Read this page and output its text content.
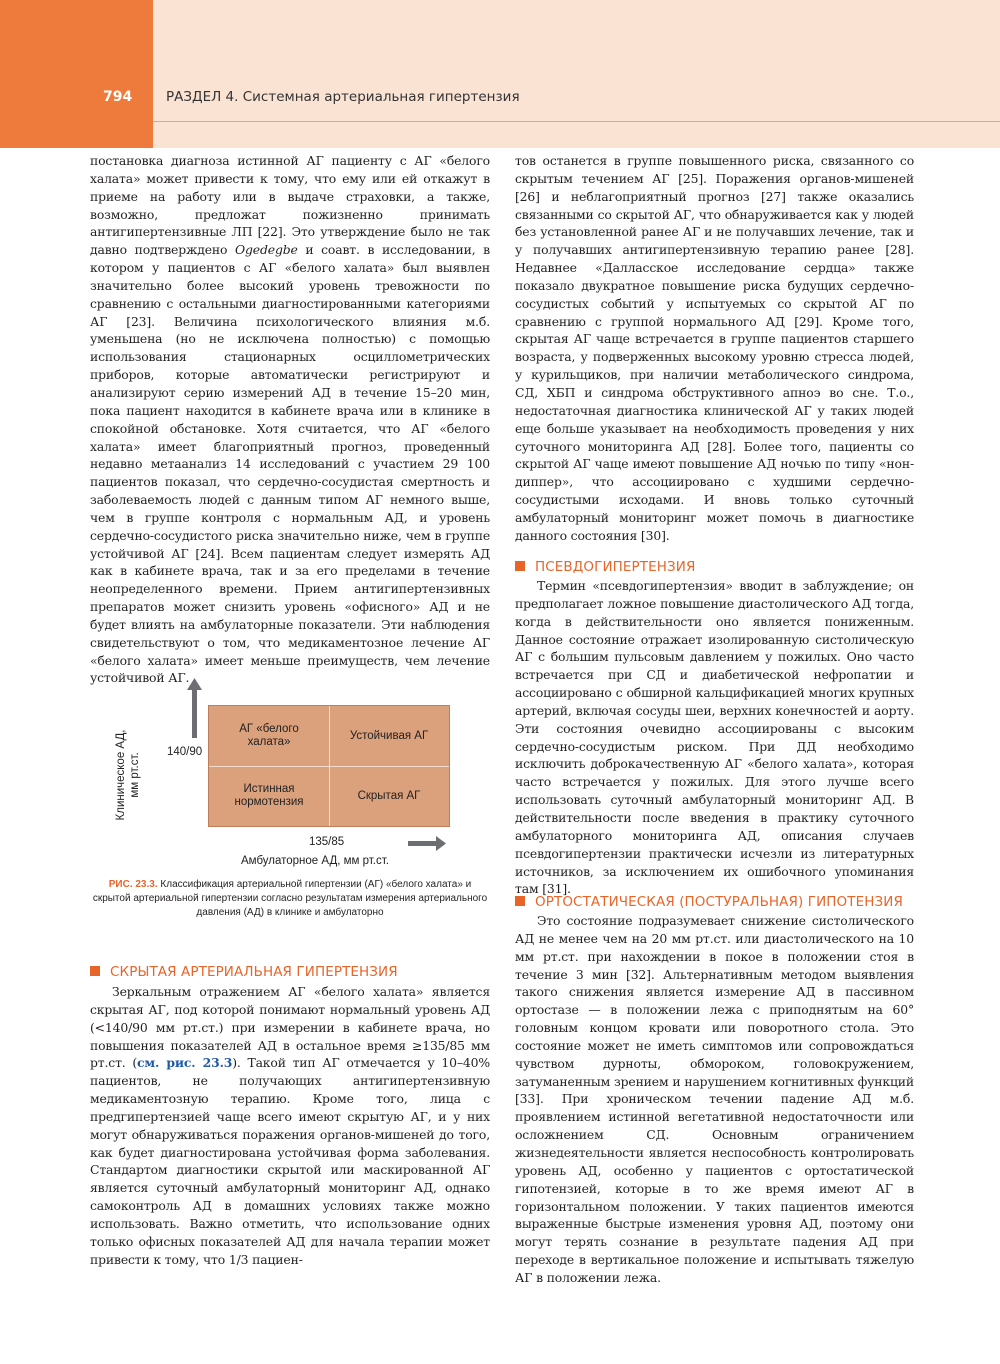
794	РАЗДЕЛ 4. Системная артериальная гипертензия

постановка диагноза истинной АГ пациенту с АГ «белого халата» может привести к тому, что ему или ей откажут в приеме на работу или в выдаче страховки, а также, возможно, предложат пожизненно принимать антигипертензивные ЛП [22]. Это утверждение было не так давно подтверждено Ogedegbe и соавт. в исследовании, в котором у пациентов с АГ «белого халата» был выявлен значительно более высокий уровень тревожности по сравнению с остальными диагностированными категориями АГ [23]. Величина психологического влияния м.б. уменьшена (но не исключена полностью) с помощью использования стационарных осциллометрических приборов, которые автоматически регистрируют и анализируют серию измерений АД в течение 15–20 мин, пока пациент находится в кабинете врача или в клинике в спокойной обстановке. Хотя считается, что АГ «белого халата» имеет благоприятный прогноз, проведенный недавно метаанализ 14 исследований с участием 29 100 пациентов показал, что сердечно-сосудистая смертность и заболеваемость людей с данным типом АГ немного выше, чем в группе контроля с нормальным АД, и уровень сердечно-сосудистого риска значительно ниже, чем в группе устойчивой АГ [24]. Всем пациентам следует измерять АД как в кабинете врача, так и за его пределами в течение неопределенного времени. Прием антигипертензивных препаратов может снизить уровень «офисного» АД и не будет влиять на амбулаторные показатели. Эти наблюдения свидетельствуют о том, что медикаментозное лечение АГ «белого халата» имеет меньше преимуществ, чем лечение устойчивой АГ.

Клиническое АД, мм рт.ст.
140/90
АГ «белого халата»
Устойчивая АГ
Истинная нормотензия
Скрытая АГ
135/85
Амбулаторное АД, мм рт.ст.
РИС. 23.3. Классификация артериальной гипертензии (АГ) «белого халата» и скрытой артериальной гипертензии согласно результатам измерения артериального давления (АД) в клинике и амбулаторно
СКРЫТАЯ АРТЕРИАЛЬНАЯ ГИПЕРТЕНЗИЯ

Зеркальным отражением АГ «белого халата» является скрытая АГ, под которой понимают нормальный уровень АД (<140/90 мм рт.ст.) при измерении в кабинете врача, но повышения показателей АД в остальное время ≥135/85 мм рт.ст. (см. рис. 23.3). Такой тип АГ отмечается у 10–40% пациентов, не получающих антигипертензивную медикаментозную терапию. Кроме того, лица с предгипертензией чаще всего имеют скрытую АГ, и у них могут обнаруживаться поражения органов-мишеней до того, как будет диагностирована устойчивая форма заболевания. Стандартом диагностики скрытой или маскированной АГ является суточный амбулаторный мониторинг АД, однако самоконтроль АД в домашних условиях также можно использовать. Важно отметить, что использование одних только офисных показателей АД для начала терапии может привести к тому, что 1/3 пациен-

тов останется в группе повышенного риска, связанного со скрытым течением АГ [25]. Поражения органов-мишеней [26] и неблагоприятный прогноз [27] также оказались связанными со скрытой АГ, что обнаруживается как у людей без установленной ранее АГ и не получавших лечение, так и у получавших антигипертензивную терапию ранее [28]. Недавнее «Далласское исследование сердца» также показало двукратное повышение риска будущих сердечно-сосудистых событий у испытуемых со скрытой АГ по сравнению с группой нормального АД [29]. Кроме того, скрытая АГ чаще встречается в группе пациентов старшего возраста, у подверженных высокому уровню стресса людей, у курильщиков, при наличии метаболического синдрома, СД, ХБП и синдрома обструктивного апноэ во сне. Т.о., недостаточная диагностика клинической АГ у таких людей еще больше указывает на необходимость проведения у них суточного мониторинга АД [28]. Более того, пациенты со скрытой АГ чаще имеют повышение АД ночью по типу «нон-диппер», что ассоциировано с худшими сердечно-сосудистыми исходами. И вновь только суточный амбулаторный мониторинг может помочь в диагностике данного состояния [30].

ПСЕВДОГИПЕРТЕНЗИЯ

Термин «псевдогипертензия» вводит в заблуждение; он предполагает ложное повышение диастолического АД тогда, когда в действительности оно является пониженным. Данное состояние отражает изолированную систолическую АГ с большим пульсовым давлением у пожилых. Оно часто встречается при СД и диабетической нефропатии и ассоциировано с обширной кальцификацией многих крупных артерий, включая сосуды шеи, верхних конечностей и аорту. Эти состояния очевидно ассоциированы с высоким сердечно-сосудистым риском. При ДД необходимо исключить доброкачественную АГ «белого халата», которая часто встречается у пожилых. Для этого лучше всего использовать суточный амбулаторный мониторинг АД. В действительности после введения в практику суточного амбулаторного мониторинга АД, описания случаев псевдогипертензии практически исчезли из литературных источников, за исключением их ошибочного упоминания там [31].

ОРТОСТАТИЧЕСКАЯ (ПОСТУРАЛЬНАЯ) ГИПОТЕНЗИЯ

Это состояние подразумевает снижение систолического АД не менее чем на 20 мм рт.ст. или диастолического на 10 мм рт.ст. при нахождении в покое в положении стоя в течение 3 мин [32]. Альтернативным методом выявления такого снижения является измерение АД в пассивном ортостазе — в положении лежа с приподнятым на 60° головным концом кровати или поворотного стола. Это состояние может не иметь симптомов или сопровождаться чувством дурноты, обмороком, головокружением, затуманенным зрением и нарушением когнитивных функций [33]. При хроническом течении падение АД м.б. проявлением истинной вегетативной недостаточности или осложнением СД. Основным ограничением жизнедеятельности является неспособность контролировать уровень АД, особенно у пациентов с ортостатической гипотензией, которые в то же время имеют АГ в горизонтальном положении. У таких пациентов имеются выраженные быстрые изменения уровня АД, поэтому они могут терять сознание в результате падения АД при переходе в вертикальное положение и испытывать тяжелую АГ в положении лежа.
